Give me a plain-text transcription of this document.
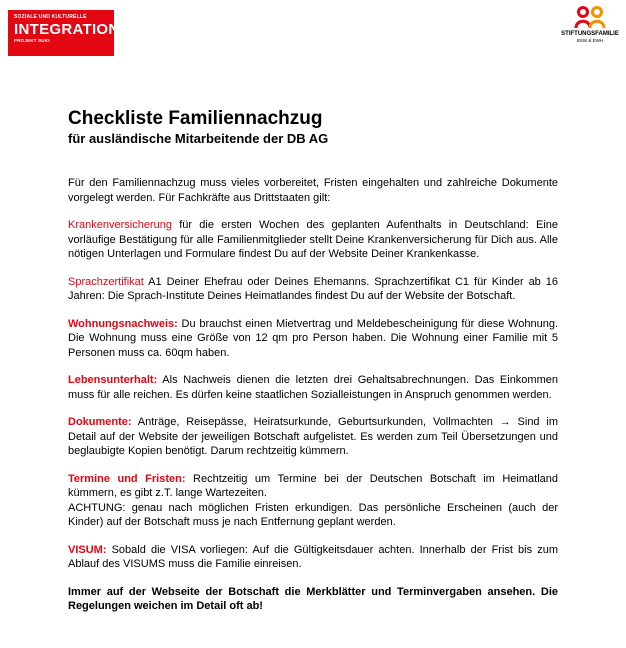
SOZIALE UND KULTURELLE
INTEGRATION
PROJEKT SUKI
STIFTUNGSFAMILIE
BSW & EWH
Checkliste Familiennachzug
für ausländische Mitarbeitende der DB AG

Für den Familiennachzug muss vieles vorbereitet, Fristen eingehalten und zahlreiche Dokumente vorgelegt werden. Für Fachkräfte aus Drittstaaten gilt:

Krankenversicherung für die ersten Wochen des geplanten Aufenthalts in Deutschland: Eine vorläufige Bestätigung für alle Familienmitglieder stellt Deine Krankenversicherung für Dich aus. Alle nötigen Unterlagen und Formulare findest Du auf der Website Deiner Krankenkasse.

Sprachzertifikat A1 Deiner Ehefrau oder Deines Ehemanns. Sprachzertifikat C1 für Kinder ab 16 Jahren: Die Sprach-Institute Deines Heimatlandes findest Du auf der Website der Botschaft.

Wohnungsnachweis: Du brauchst einen Mietvertrag und Meldebescheinigung für diese Wohnung. Die Wohnung muss eine Größe von 12 qm pro Person haben. Die Wohnung einer Familie mit 5 Personen muss ca. 60qm haben.

Lebensunterhalt: Als Nachweis dienen die letzten drei Gehaltsabrechnungen. Das Einkommen muss für alle reichen. Es dürfen keine staatlichen Sozialleistungen in Anspruch genommen werden.

Dokumente: Anträge, Reisepässe, Heiratsurkunde, Geburtsurkunden, Vollmachten → Sind im Detail auf der Website der jeweiligen Botschaft aufgelistet. Es werden zum Teil Übersetzungen und beglaubigte Kopien benötigt. Darum rechtzeitig kümmern.

Termine und Fristen: Rechtzeitig um Termine bei der Deutschen Botschaft im Heimatland kümmern, es gibt z.T. lange Wartezeiten.
ACHTUNG: genau nach möglichen Fristen erkundigen. Das persönliche Erscheinen (auch der Kinder) auf der Botschaft muss je nach Entfernung geplant werden.

VISUM: Sobald die VISA vorliegen: Auf die Gültigkeitsdauer achten. Innerhalb der Frist bis zum Ablauf des VISUMS muss die Familie einreisen.

Immer auf der Webseite der Botschaft die Merkblätter und Terminvergaben ansehen. Die Regelungen weichen im Detail oft ab!
